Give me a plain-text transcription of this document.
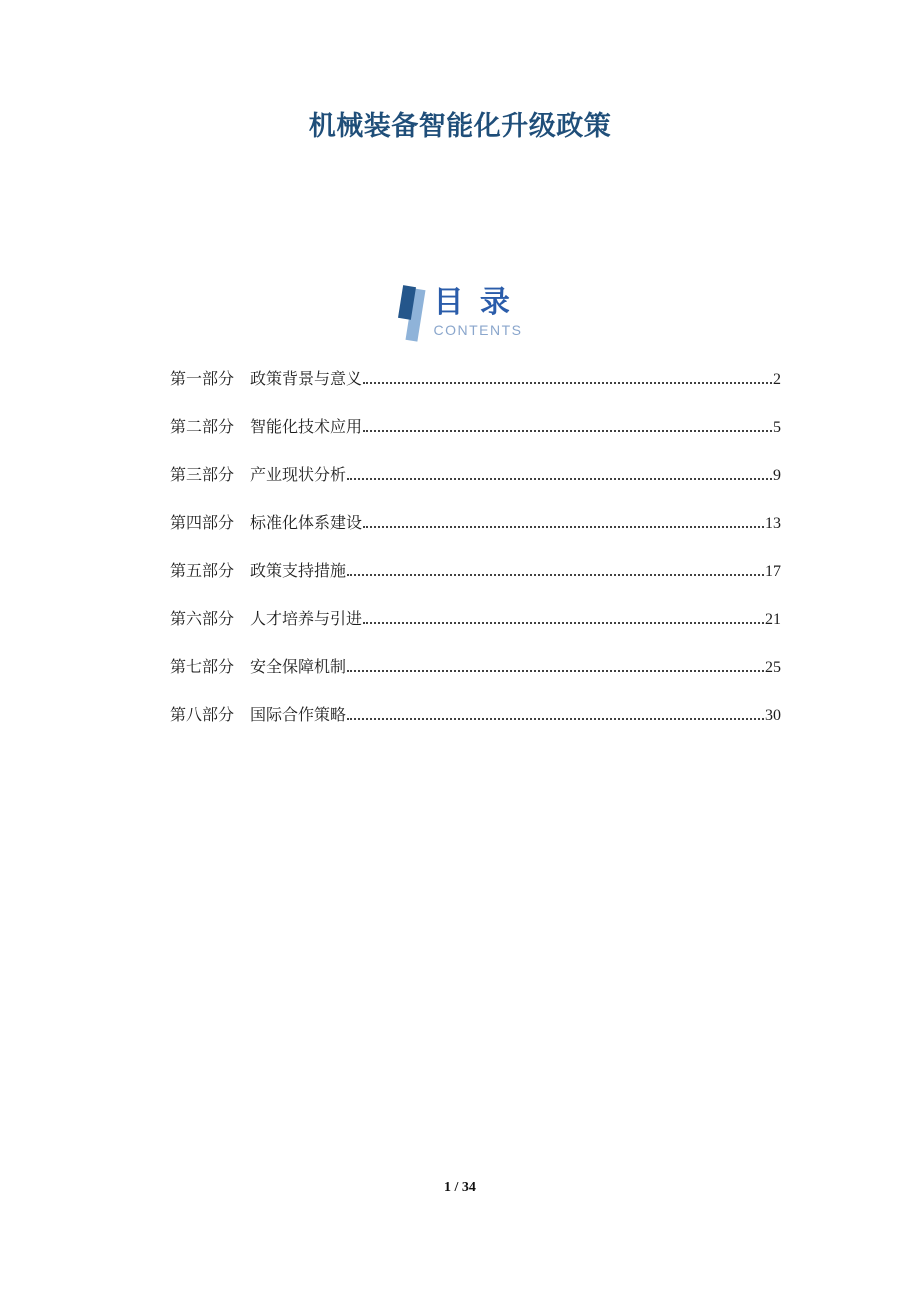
机械装备智能化升级政策
目 录
CONTENTS
第一部分 政策背景与意义	2
第二部分 智能化技术应用	5
第三部分 产业现状分析	9
第四部分 标准化体系建设	13
第五部分 政策支持措施	17
第六部分 人才培养与引进	21
第七部分 安全保障机制	25
第八部分 国际合作策略	30
1 / 34
